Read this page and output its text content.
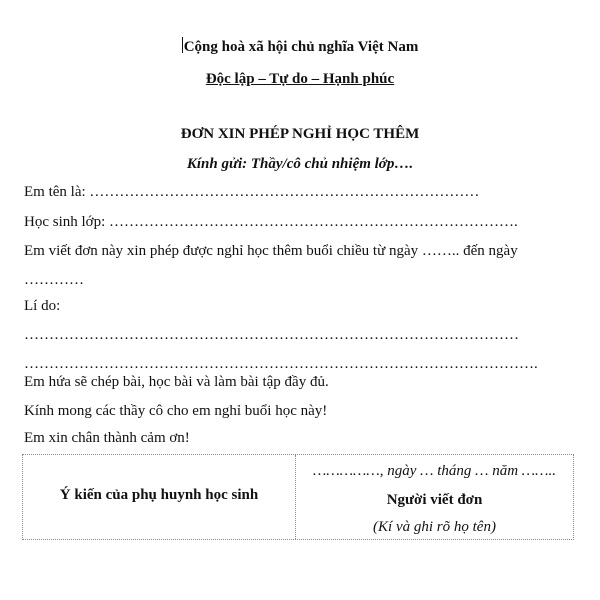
Cộng hoà xã hội chủ nghĩa Việt Nam
Độc lập – Tự do – Hạnh phúc
ĐƠN XIN PHÉP NGHỈ HỌC THÊM
Kính gửi: Thầy/cô chủ nhiệm lớp….
Em tên là: ……………………………………………………………………
Học sinh lớp: ……………………………………………………………………….
Em viết đơn này xin phép được nghỉ học thêm buổi chiều từ ngày …….. đến ngày
…………
Lí do:
………………………………………………………………………………………
………………………………………………………………………………………….
Em hứa sẽ chép bài, học bài và làm bài tập đầy đủ.
Kính mong các thầy cô cho em nghỉ buổi học này!
Em xin chân thành cảm ơn!
Ý kiến của phụ huynh học sinh
……………, ngày … tháng … năm ……..
Người viết đơn
(Kí và ghi rõ họ tên)
